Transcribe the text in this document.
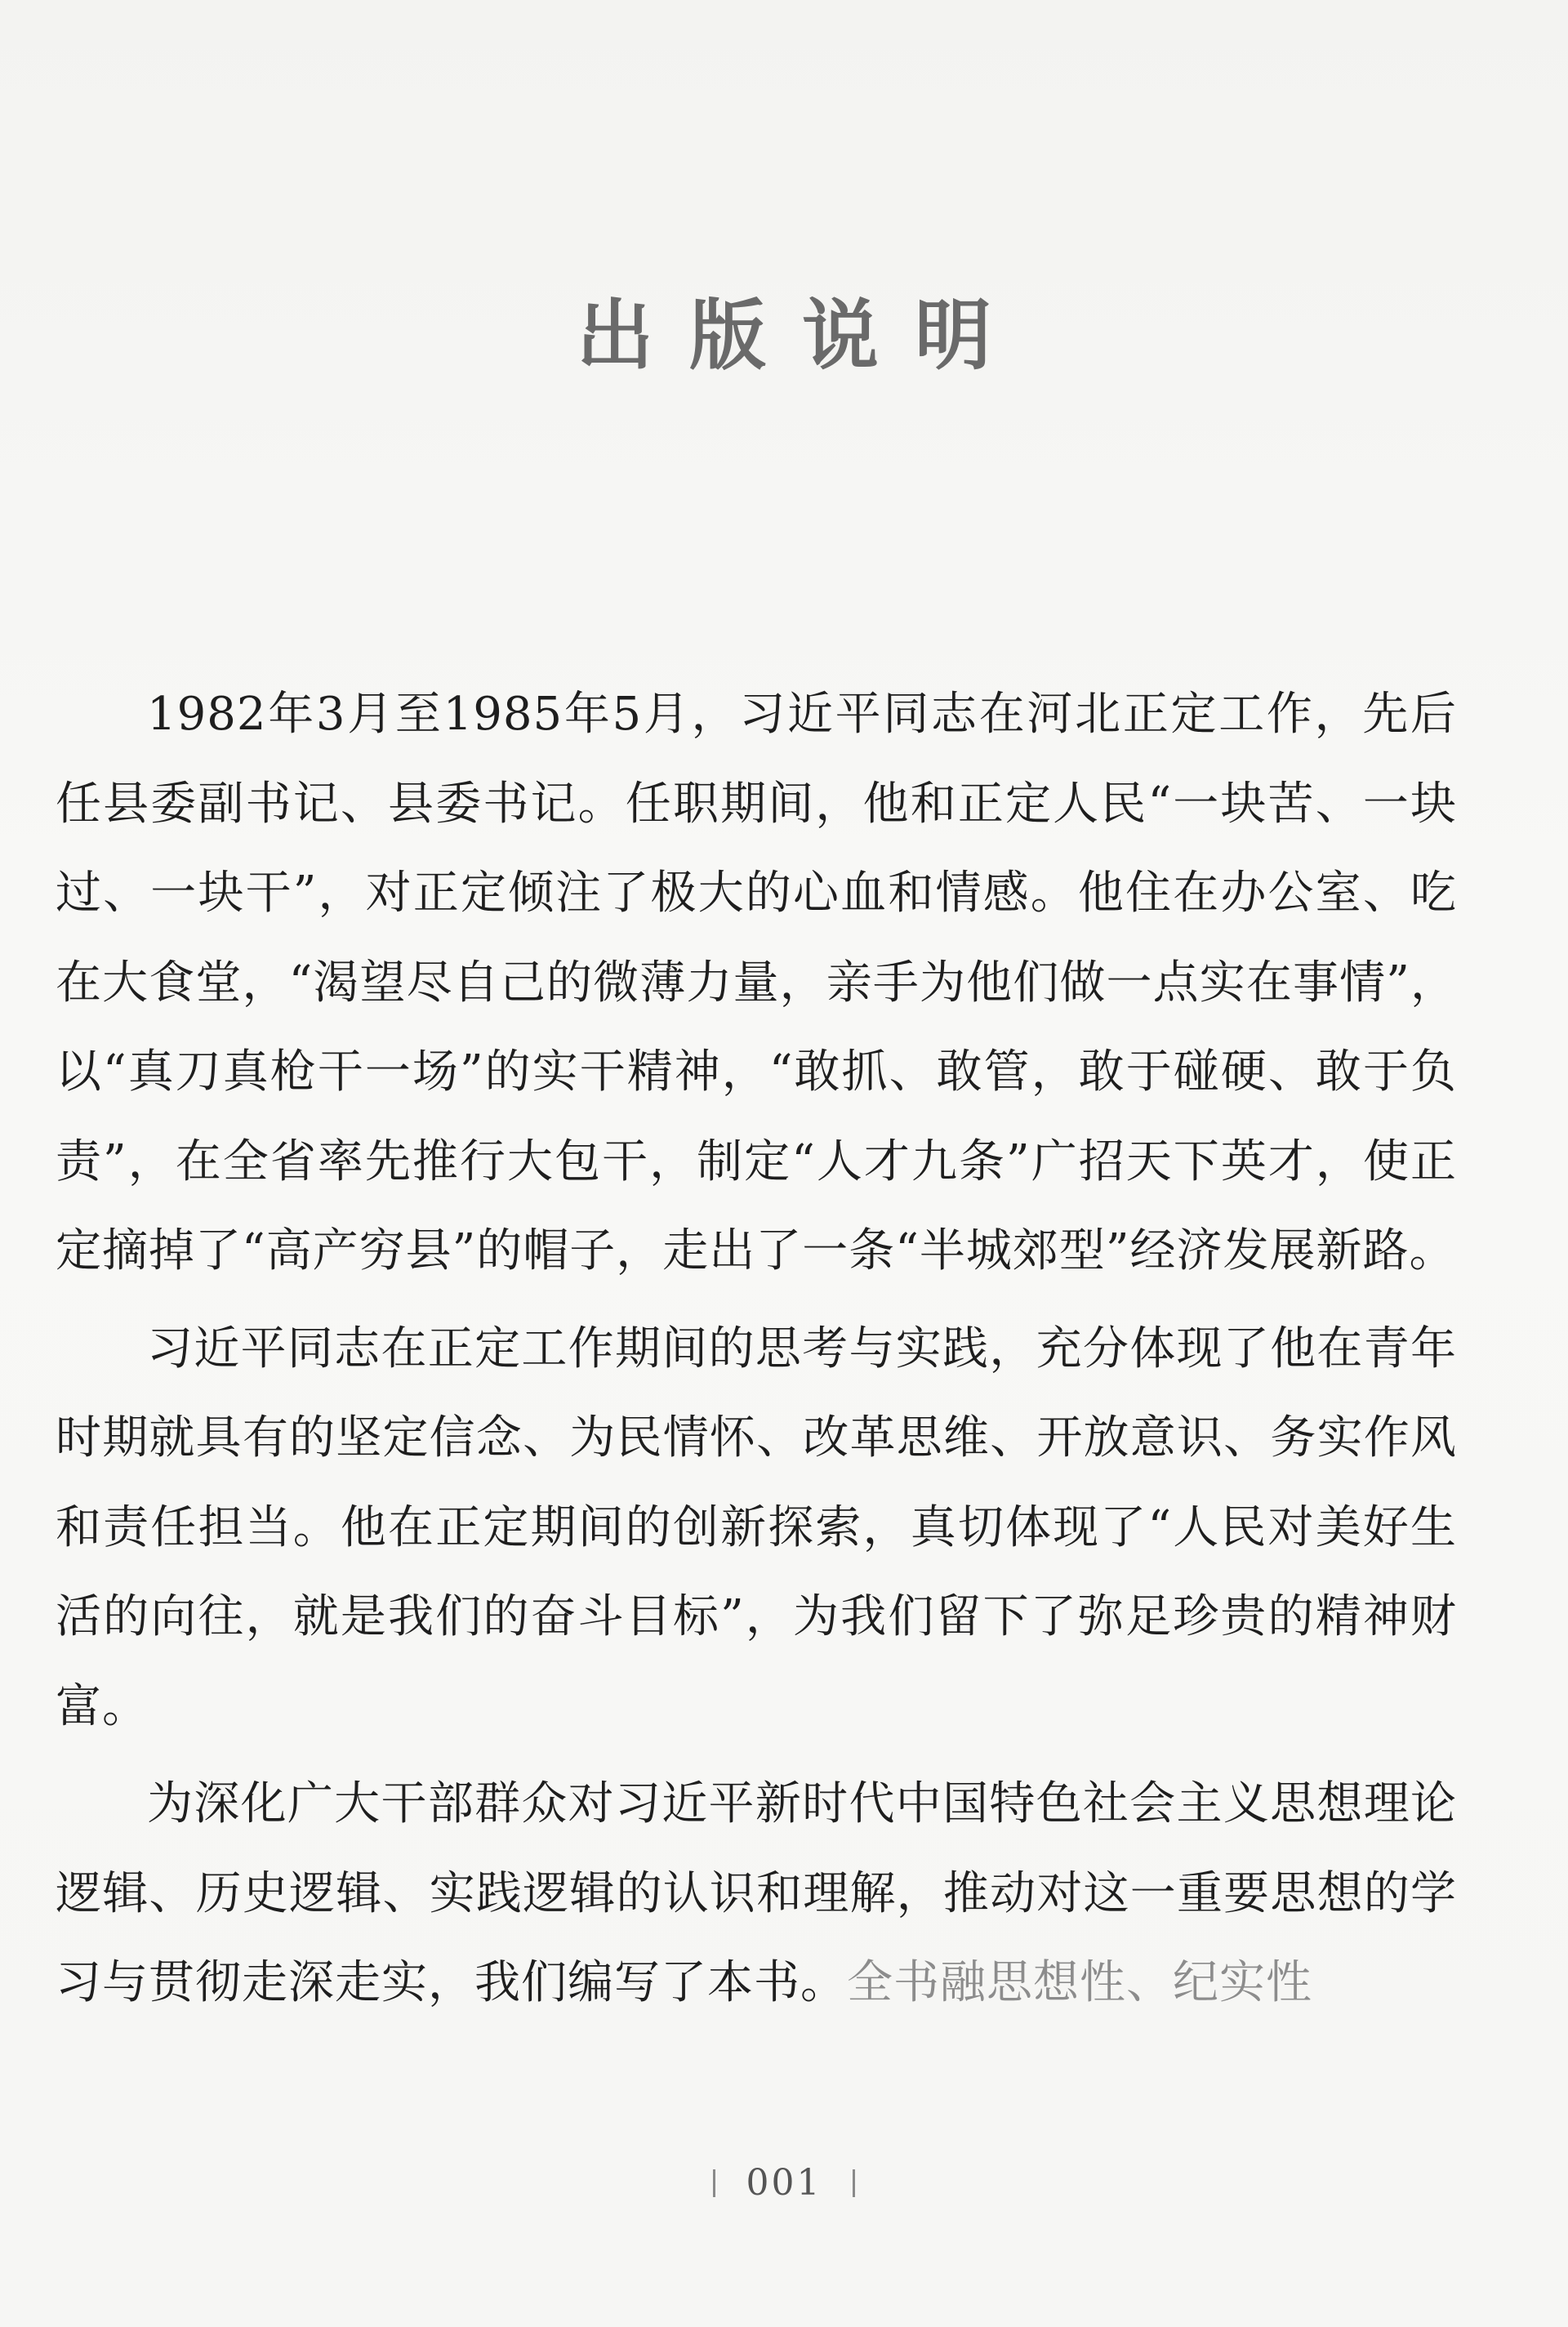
出版说明

1982年3月至1985年5月，习近平同志在河北正定工作，先后任县委副书记、县委书记。任职期间，他和正定人民“一块苦、一块过、一块干”，对正定倾注了极大的心血和情感。他住在办公室、吃在大食堂，“渴望尽自己的微薄力量，亲手为他们做一点实在事情”，以“真刀真枪干一场”的实干精神，“敢抓、敢管，敢于碰硬、敢于负责”，在全省率先推行大包干，制定“人才九条”广招天下英才，使正定摘掉了“高产穷县”的帽子，走出了一条“半城郊型”经济发展新路。

习近平同志在正定工作期间的思考与实践，充分体现了他在青年时期就具有的坚定信念、为民情怀、改革思维、开放意识、务实作风和责任担当。他在正定期间的创新探索，真切体现了“人民对美好生活的向往，就是我们的奋斗目标”，为我们留下了弥足珍贵的精神财富。

为深化广大干部群众对习近平新时代中国特色社会主义思想理论逻辑、历史逻辑、实践逻辑的认识和理解，推动对这一重要思想的学习与贯彻走深走实，我们编写了本书。全书融思想性、纪实性

001
